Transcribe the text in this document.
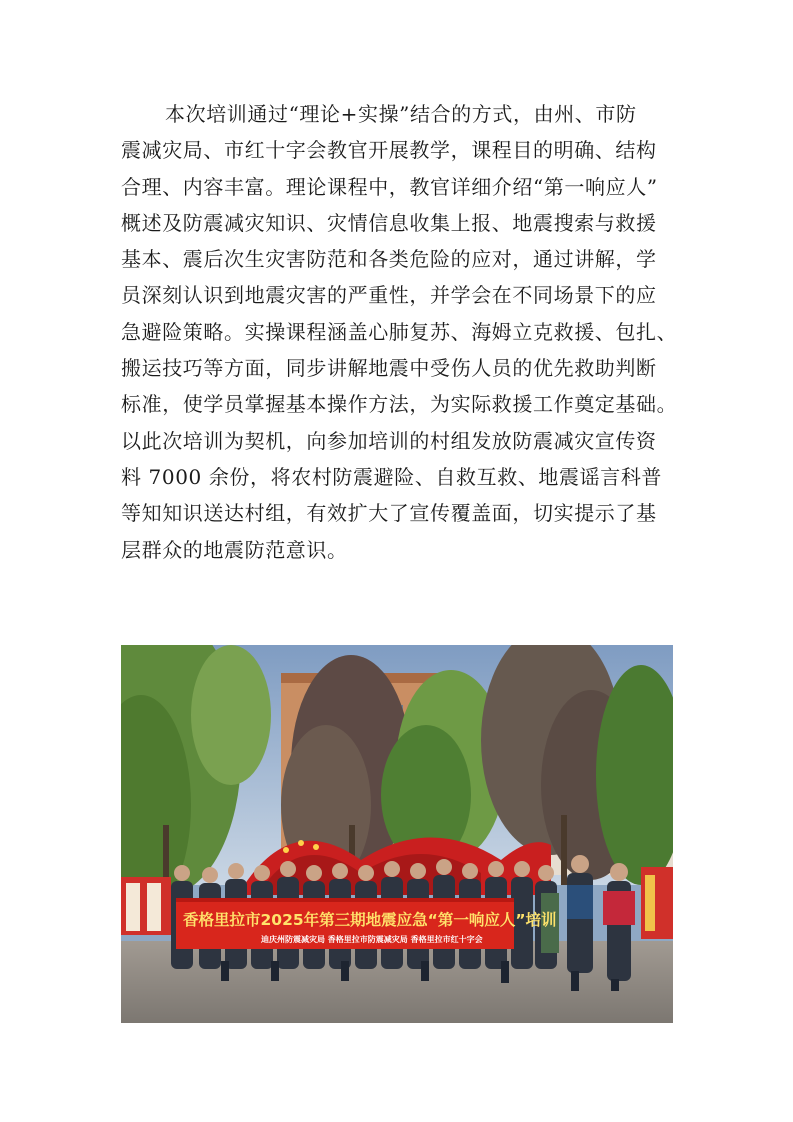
本次培训通过“理论+实操”结合的方式，由州、市防
震减灾局、市红十字会教官开展教学，课程目的明确、结构
合理、内容丰富。理论课程中，教官详细介绍“第一响应人”
概述及防震减灾知识、灾情信息收集上报、地震搜索与救援
基本、震后次生灾害防范和各类危险的应对，通过讲解，学
员深刻认识到地震灾害的严重性，并学会在不同场景下的应
急避险策略。实操课程涵盖心肺复苏、海姆立克救援、包扎、
搬运技巧等方面，同步讲解地震中受伤人员的优先救助判断
标准，使学员掌握基本操作方法，为实际救援工作奠定基础。
以此次培训为契机，向参加培训的村组发放防震减灾宣传资
料 7000 余份，将农村防震避险、自救互救、地震谣言科普
等知知识送达村组，有效扩大了宣传覆盖面，切实提示了基
层群众的地震防范意识。
香格里拉市2025年第三期地震应急“第一响应人”培训
迪庆州防震减灾局 香格里拉市防震减灾局 香格里拉市红十字会
